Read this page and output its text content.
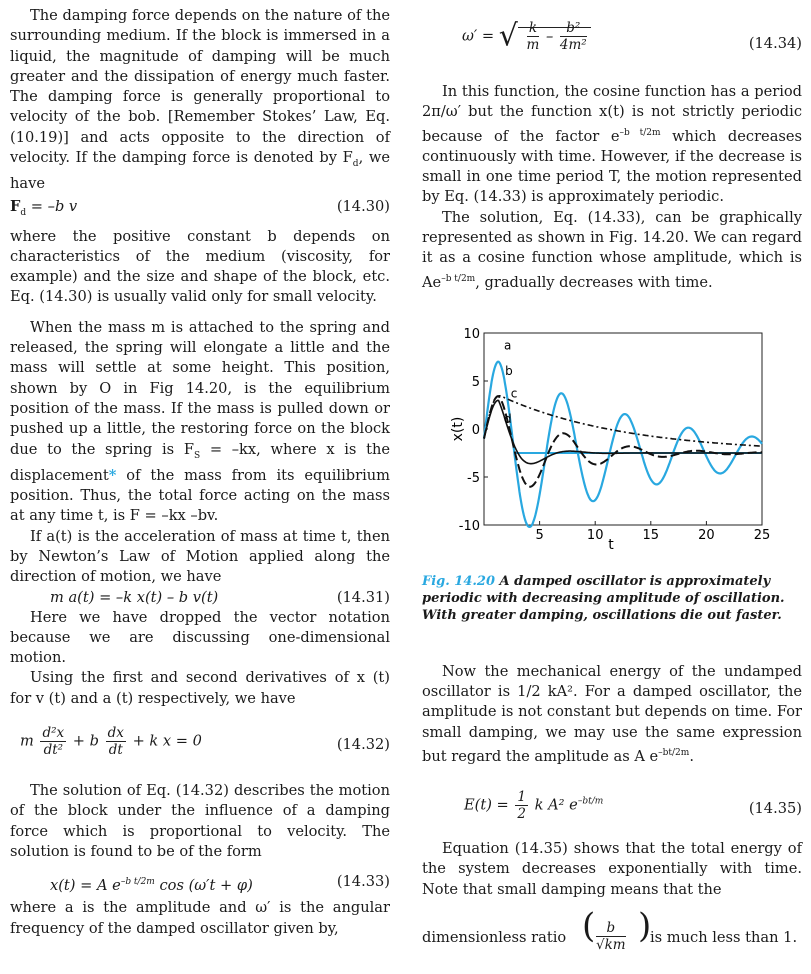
The damping force depends on the nature of the surrounding medium. If the block is immersed in a liquid, the magnitude of damping will be much greater and the dissipation of energy much faster. The damping force is generally proportional to velocity of the bob. [Remember Stokes’ Law, Eq. (10.19)] and acts opposite to the direction of velocity. If the damping force is denoted by $F_d$, we have

$F_d = -b$ v	(14.30)

where the positive constant b depends on characteristics of the medium (viscosity, for example) and the size and shape of the block, etc. Eq. (14.30) is usually valid only for small velocity.

When the mass m is attached to the spring and released, the spring will elongate a little and the mass will settle at some height. This position, shown by O in Fig 14.20, is the equilibrium position of the mass. If the mass is pulled down or pushed up a little, the restoring force on the block due to the spring is $F_S = -kx$, where x is the displacement* of the mass from its equilibrium position. Thus, the total force acting on the mass at any time t, is F = –kx –bv.

If a(t) is the acceleration of mass at time t, then by Newton’s Law of Motion applied along the direction of motion, we have

m a(t) = –k x(t) – b v(t)	(14.31)

Here we have dropped the vector notation because we are discussing one-dimensional motion.

Using the first and second derivatives of x (t) for v (t) and a (t) respectively, we have

m $\frac{\text{d²x}}{\text{dt²}} + b \frac{dx}{dt} + k$ x = 0	(14.32)

The solution of Eq. (14.32) describes the motion of the block under the influence of a damping force which is proportional to velocity. The solution is found to be of the form

x(t) = A $e^{-b t/2m}$ cos (ω′t + φ)	(14.33)

where a is the amplitude and ω′ is the angular frequency of the damped oscillator given by,

ω′ = √ $\frac{k}{m} - \frac{\text{b²}}{\text{4m²}}$	(14.34)

In this function, the cosine function has a period 2π/ω′ but the function x(t) is not strictly periodic because of the factor $e^{-b t/2m}$ which decreases continuously with time. However, if the decrease is small in one time period T, the motion represented by Eq. (14.33) is approximately periodic.

The solution, Eq. (14.33), can be graphically represented as shown in Fig. 14.20. We can regard it as a cosine function whose amplitude, which is $Ae^{-b t/2m}$, gradually decreases with time.

5	10	15	20	25
-10
-5
0
5
10
t
x(t)
a
b
c
d

Fig. 14.20 A damped oscillator is approximately periodic with decreasing amplitude of oscillation. With greater damping, oscillations die out faster.

Now the mechanical energy of the undamped oscillator is 1/2 kA². For a damped oscillator, the amplitude is not constant but depends on time. For small damping, we may use the same expression but regard the amplitude as A $e^{-bt/2m}$.

$E(t) = \frac{1}{2}$ k A² $e^{-bt/m}$	(14.35)

Equation (14.35) shows that the total energy of the system decreases exponentially with time. Note that small damping means that the

dimensionless ratio ( $\frac{b}{√km}$ )
is much less than 1.
